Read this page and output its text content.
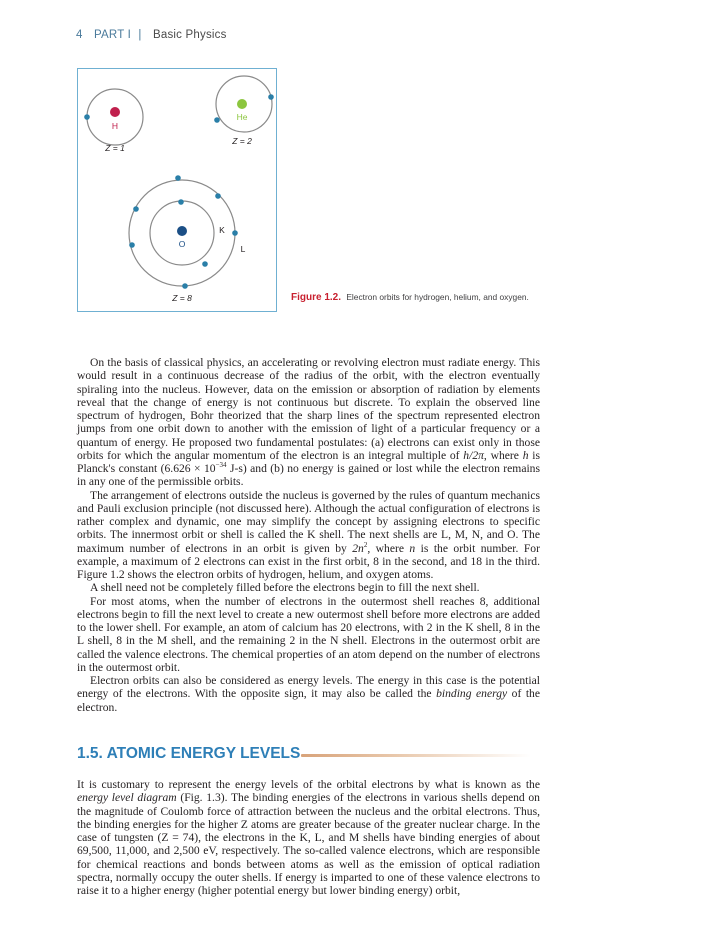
4 PART I | Basic Physics
H
Z = 1
He
Z = 2
O
K
L
Z = 8	Figure 1.2. Electron orbits for hydrogen, helium, and oxygen.

On the basis of classical physics, an accelerating or revolving electron must radiate energy. This would result in a continuous decrease of the radius of the orbit, with the electron eventually spiraling into the nucleus. However, data on the emission or absorption of radiation by elements reveal that the change of energy is not continuous but discrete. To explain the observed line spectrum of hydrogen, Bohr theorized that the sharp lines of the spectrum represented electron jumps from one orbit down to another with the emission of light of a particular frequency or a quantum of energy. He proposed two fundamental postulates: (a) electrons can exist only in those orbits for which the angular momentum of the electron is an integral multiple of h/2π, where h is Planck's constant ($6.626 \times 10^{-34}$ J-s) and (b) no energy is gained or lost while the electron remains in any one of the permissible orbits.

The arrangement of electrons outside the nucleus is governed by the rules of quantum mechanics and Pauli exclusion principle (not discussed here). Although the actual configuration of electrons is rather complex and dynamic, one may simplify the concept by assigning electrons to specific orbits. The innermost orbit or shell is called the K shell. The next shells are L, M, N, and O. The maximum number of electrons in an orbit is given by $2n^2$, where n is the orbit number. For example, a maximum of 2 electrons can exist in the first orbit, 8 in the second, and 18 in the third. Figure 1.2 shows the electron orbits of hydrogen, helium, and oxygen atoms.

A shell need not be completely filled before the electrons begin to fill the next shell.

For most atoms, when the number of electrons in the outermost shell reaches 8, additional electrons begin to fill the next level to create a new outermost shell before more electrons are added to the lower shell. For example, an atom of calcium has 20 electrons, with 2 in the K shell, 8 in the L shell, 8 in the M shell, and the remaining 2 in the N shell. Electrons in the outermost orbit are called the valence electrons. The chemical properties of an atom depend on the number of electrons in the outermost orbit.

Electron orbits can also be considered as energy levels. The energy in this case is the potential energy of the electrons. With the opposite sign, it may also be called the binding energy of the electron.

1.5. ATOMIC ENERGY LEVELS

It is customary to represent the energy levels of the orbital electrons by what is known as the energy level diagram (Fig. 1.3). The binding energies of the electrons in various shells depend on the magnitude of Coulomb force of attraction between the nucleus and the orbital electrons. Thus, the binding energies for the higher Z atoms are greater because of the greater nuclear charge. In the case of tungsten (Z = 74), the electrons in the K, L, and M shells have binding energies of about 69,500, 11,000, and 2,500 eV, respectively. The so-called valence electrons, which are responsible for chemical reactions and bonds between atoms as well as the emission of optical radiation spectra, normally occupy the outer shells. If energy is imparted to one of these valence electrons to raise it to a higher energy (higher potential energy but lower binding energy) orbit,
